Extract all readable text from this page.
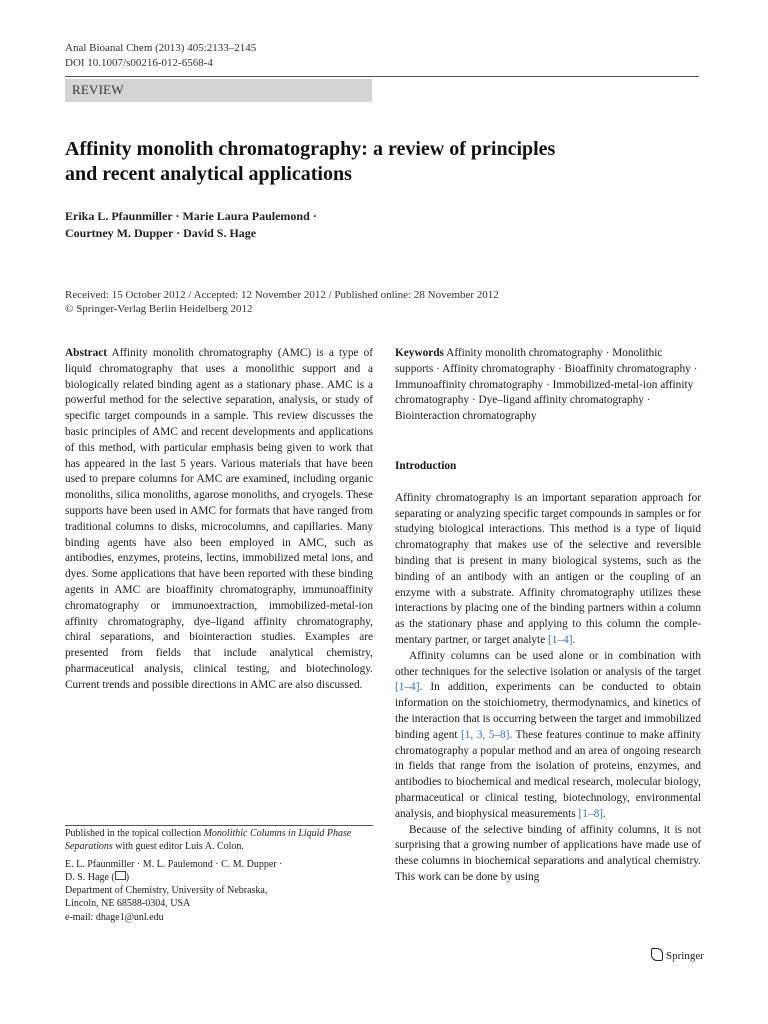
Anal Bioanal Chem (2013) 405:2133–2145
DOI 10.1007/s00216-012-6568-4
REVIEW
Affinity monolith chromatography: a review of principles
and recent analytical applications
Erika L. Pfaunmiller · Marie Laura Paulemond ·
Courtney M. Dupper · David S. Hage
Received: 15 October 2012 / Accepted: 12 November 2012 / Published online: 28 November 2012
© Springer-Verlag Berlin Heidelberg 2012

Abstract Affinity monolith chromatography (AMC) is a type of liquid chromatography that uses a monolithic support and a biologically related binding agent as a stationary phase. AMC is a powerful method for the selective separation, analysis, or study of specific target compounds in a sample. This review discusses the basic principles of AMC and recent developments and applications of this method, with particular emphasis being given to work that has appeared in the last 5 years. Various materials that have been used to prepare columns for AMC are examined, including organic monoliths, silica monoliths, agarose monoliths, and cryogels. These supports have been used in AMC for formats that have ranged from traditional columns to disks, microcolumns, and capillaries. Many binding agents have also been employed in AMC, such as antibodies, enzymes, proteins, lectins, immobilized metal ions, and dyes. Some applications that have been reported with these binding agents in AMC are bioaffinity chromatography, immunoaffinity chromatography or immunoextraction, immobilized-metal-ion affinity chromatography, dye–ligand affinity chromatography, chiral separations, and biointeraction studies. Examples are presented from fields that include analytical chemistry, pharmaceutical analysis, clinical testing, and biotechnology. Current trends and possible directions in AMC are also discussed.

Published in the topical collection Monolithic Columns in Liquid Phase Separations with guest editor Luis A. Colon.
E. L. Pfaunmiller · M. L. Paulemond · C. M. Dupper ·
D. S. Hage ( )
Department of Chemistry, University of Nebraska,
Lincoln, NE 68588-0304, USA
e-mail: dhage1@unl.edu

Keywords Affinity monolith chromatography · Monolithic supports · Affinity chromatography · Bioaffinity chromatography · Immunoaffinity chromatography · Immobilized-metal-ion affinity chromatography · Dye–ligand affinity chromatography · Biointeraction chromatography

Introduction

Affinity chromatography is an important separation approach for separating or analyzing specific target compounds in samples or for studying biological interactions. This method is a type of liquid chromatography that makes use of the selective and reversible binding that is present in many biological systems, such as the binding of an antibody with an antigen or the coupling of an enzyme with a substrate. Affinity chromatography utilizes these interactions by placing one of the binding partners within a column as the stationary phase and applying to this column the complementary partner, or target analyte [1–4].

Affinity columns can be used alone or in combination with other techniques for the selective isolation or analysis of the target [1–4]. In addition, experiments can be conducted to obtain information on the stoichiometry, thermodynamics, and kinetics of the interaction that is occurring between the target and immobilized binding agent [1, 3, 5–8]. These features continue to make affinity chromatography a popular method and an area of ongoing research in fields that range from the isolation of proteins, enzymes, and antibodies to biochemical and medical research, molecular biology, pharmaceutical or clinical testing, biotechnology, environmental analysis, and biophysical measurements [1–8].

Because of the selective binding of affinity columns, it is not surprising that a growing number of applications have made use of these columns in biochemical separations and analytical chemistry. This work can be done by using

Springer
